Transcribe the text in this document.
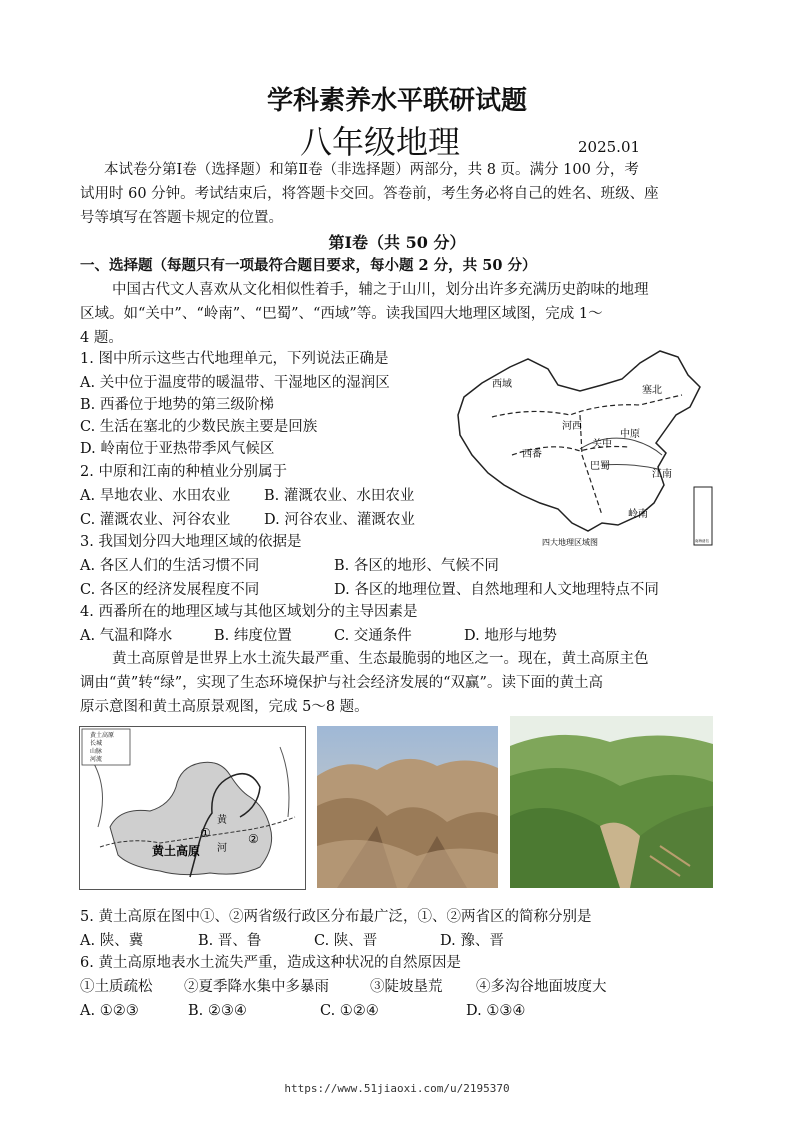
学科素养水平联研试题
八年级地理	2025.01
本试卷分第Ⅰ卷（选择题）和第Ⅱ卷（非选择题）两部分，共 8 页。满分 100 分，考
试用时 60 分钟。考试结束后，将答题卡交回。答卷前，考生务必将自己的姓名、班级、座
号等填写在答题卡规定的位置。
第Ⅰ卷（共 50 分）
一、选择题（每题只有一项最符合题目要求，每小题 2 分，共 50 分）
中国古代文人喜欢从文化相似性着手，辅之于山川，划分出许多充满历史韵味的地理
区域。如“关中”、“岭南”、“巴蜀”、“西域”等。读我国四大地理区域图，完成 1～
4 题。
1. 图中所示这些古代地理单元，下列说法正确是
A. 关中位于温度带的暖温带、干湿地区的湿润区
B. 西番位于地势的第三级阶梯
C. 生活在塞北的少数民族主要是回族
D. 岭南位于亚热带季风气候区
2. 中原和江南的种植业分别属于
A. 旱地农业、水田农业 B. 灌溉农业、水田农业
C. 灌溉农业、河谷农业 D. 河谷农业、灌溉农业
3. 我国划分四大地理区域的依据是
A. 各区人们的生活习惯不同	B. 各区的地形、气候不同
C. 各区的经济发展程度不同	D. 各区的地理位置、自然地理和人文地理特点不同
4. 西番所在的地理区域与其他区域划分的主导因素是
A. 气温和降水	B. 纬度位置	C. 交通条件	D. 地形与地势
黄土高原曾是世界上水土流失最严重、生态最脆弱的地区之一。现在，黄土高原主色
调由“黄”转“绿”，实现了生态环境保护与社会经济发展的“双赢”。读下面的黄土高
原示意图和黄土高原景观图，完成 5～8 题。
西域
塞北
河西
中原
关中
西番
巴蜀
江南
岭南
四大地理区域图	南海诸岛
黄土高原
长城
山脉
河流
黄土高原
黄
河
①	②
5. 黄土高原在图中①、②两省级行政区分布最广泛，①、②两省区的简称分别是
A. 陕、冀	B. 晋、鲁	C. 陕、晋	D. 豫、晋
6. 黄土高原地表水土流失严重，造成这种状况的自然原因是
①土质疏松 ②夏季降水集中多暴雨	③陡坡垦荒 ④多沟谷地面坡度大
A. ①②③	B. ②③④	C. ①②④	D. ①③④
https://www.51jiaoxi.com/u/2195370
